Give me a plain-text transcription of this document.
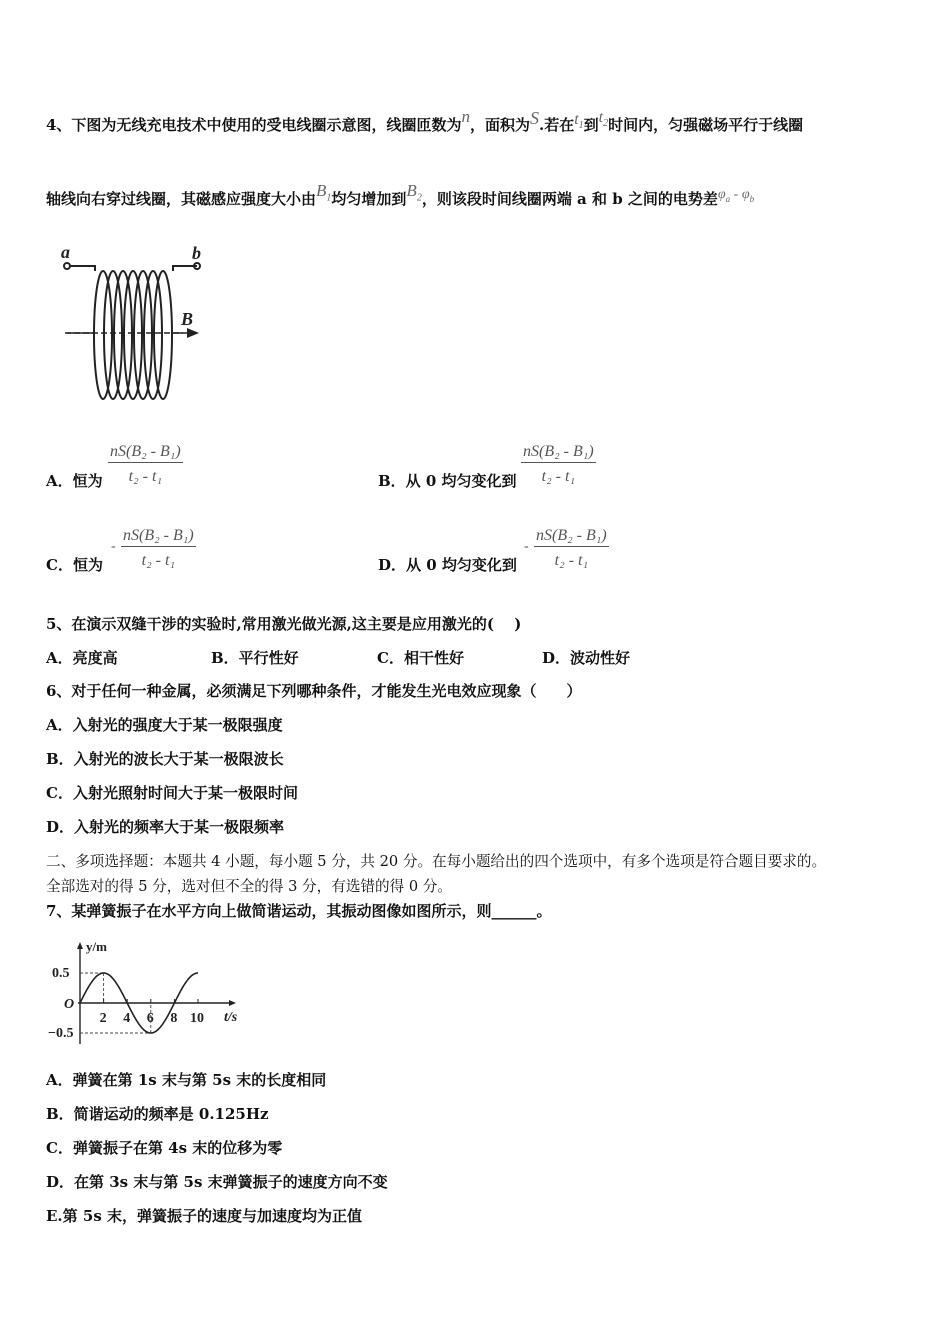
4、下图为无线充电技术中使用的受电线圈示意图，线圈匝数为n，面积为S.若在$t_1$到$t_2$时间内，匀强磁场平行于线圈
轴线向右穿过线圈，其磁感应强度大小由$B_1$均匀增加到$B_2$，则该段时间线圈两端 a 和 b 之间的电势差$\varphi_a - \varphi_b$
a	b
B
A．恒为 $\frac{\text{nS(B₂ - B₁)}}{\text{t₂ - t₁}}$	B．从 0 均匀变化到 $\frac{\text{nS(B₂ - B₁)}}{\text{t₂ - t₁}}$
C．恒为
- $\frac{\text{nS(B₂ - B₁)}}{\text{t₂ - t₁}}$	D．从 0 均匀变化到
- $\frac{\text{nS(B₂ - B₁)}}{\text{t₂ - t₁}}$
5、在演示双缝干涉的实验时,常用激光做光源,这主要是应用激光的(　 )
A．亮度高	B．平行性好	C．相干性好	D．波动性好
6、对于任何一种金属，必须满足下列哪种条件，才能发生光电效应现象（　　）
A．入射光的强度大于某一极限强度
B．入射光的波长大于某一极限波长
C．入射光照射时间大于某一极限时间
D．入射光的频率大于某一极限频率
二、多项选择题：本题共 4 小题，每小题 5 分，共 20 分。在每小题给出的四个选项中，有多个选项是符合题目要求的。
全部选对的得 5 分，选对但不全的得 3 分，有选错的得 0 分。
7、某弹簧振子在水平方向上做简谐运动，其振动图像如图所示，则______。
2 4 6 8 10
y/m
t/s
O
0.5
−0.5
A．弹簧在第 1s 末与第 5s 末的长度相同
B．简谐运动的频率是 0.125Hz
C．弹簧振子在第 4s 末的位移为零
D．在第 3s 末与第 5s 末弹簧振子的速度方向不变
E.第 5s 末，弹簧振子的速度与加速度均为正值
